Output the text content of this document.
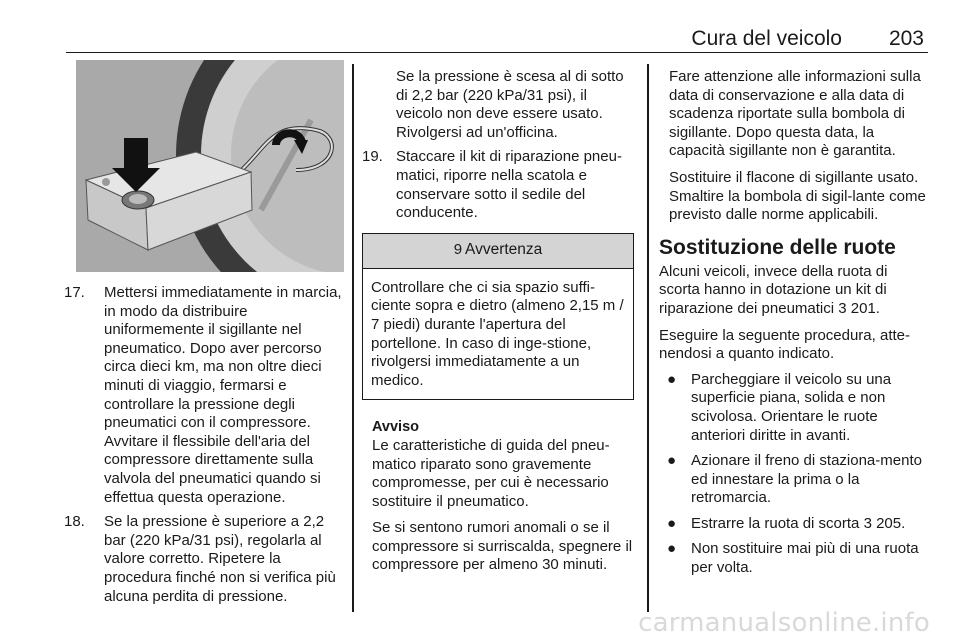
Cura del veicolo 203
17. Mettersi immediatamente in marcia, in modo da distribuire uniformemente il sigillante nel pneumatico. Dopo aver percorso circa dieci km, ma non oltre dieci minuti di viaggio, fermarsi e controllare la pressione degli pneumatici con il compressore. Avvitare il flessibile dell'aria del compressore direttamente sulla valvola del pneumatici quando si effettua questa operazione.
18. Se la pressione è superiore a 2,2 bar (220 kPa/31 psi), regolarla al valore corretto. Ripetere la procedura finché non si verifica più alcuna perdita di pressione.

Se la pressione è scesa al di sotto di 2,2 bar (220 kPa/31 psi), il veicolo non deve essere usato. Rivolgersi ad un'officina.

19. Staccare il kit di riparazione pneu-matici, riporre nella scatola e conservare sotto il sedile del conducente.
9 Avvertenza
Controllare che ci sia spazio suffi-ciente sopra e dietro (almeno 2,15 m / 7 piedi) durante l'apertura del portellone. In caso di inge-stione, rivolgersi immediatamente a un medico.
Avviso

Le caratteristiche di guida del pneu-matico riparato sono gravemente compromesse, per cui è necessario sostituire il pneumatico.

Se si sentono rumori anomali o se il compressore si surriscalda, spegnere il compressore per almeno 30 minuti.

Fare attenzione alle informazioni sulla data di conservazione e alla data di scadenza riportate sulla bombola di sigillante. Dopo questa data, la capacità sigillante non è garantita.

Sostituire il flacone di sigillante usato. Smaltire la bombola di sigil-lante come previsto dalle norme applicabili.

Sostituzione delle ruote

Alcuni veicoli, invece della ruota di scorta hanno in dotazione un kit di riparazione dei pneumatici 3 201.

Eseguire la seguente procedura, atte-nendosi a quanto indicato.

● Parcheggiare il veicolo su una superficie piana, solida e non scivolosa. Orientare le ruote anteriori diritte in avanti.
● Azionare il freno di staziona-mento ed innestare la prima o la retromarcia.
● Estrarre la ruota di scorta 3 205.
● Non sostituire mai più di una ruota per volta.
carmanualsonline.info
